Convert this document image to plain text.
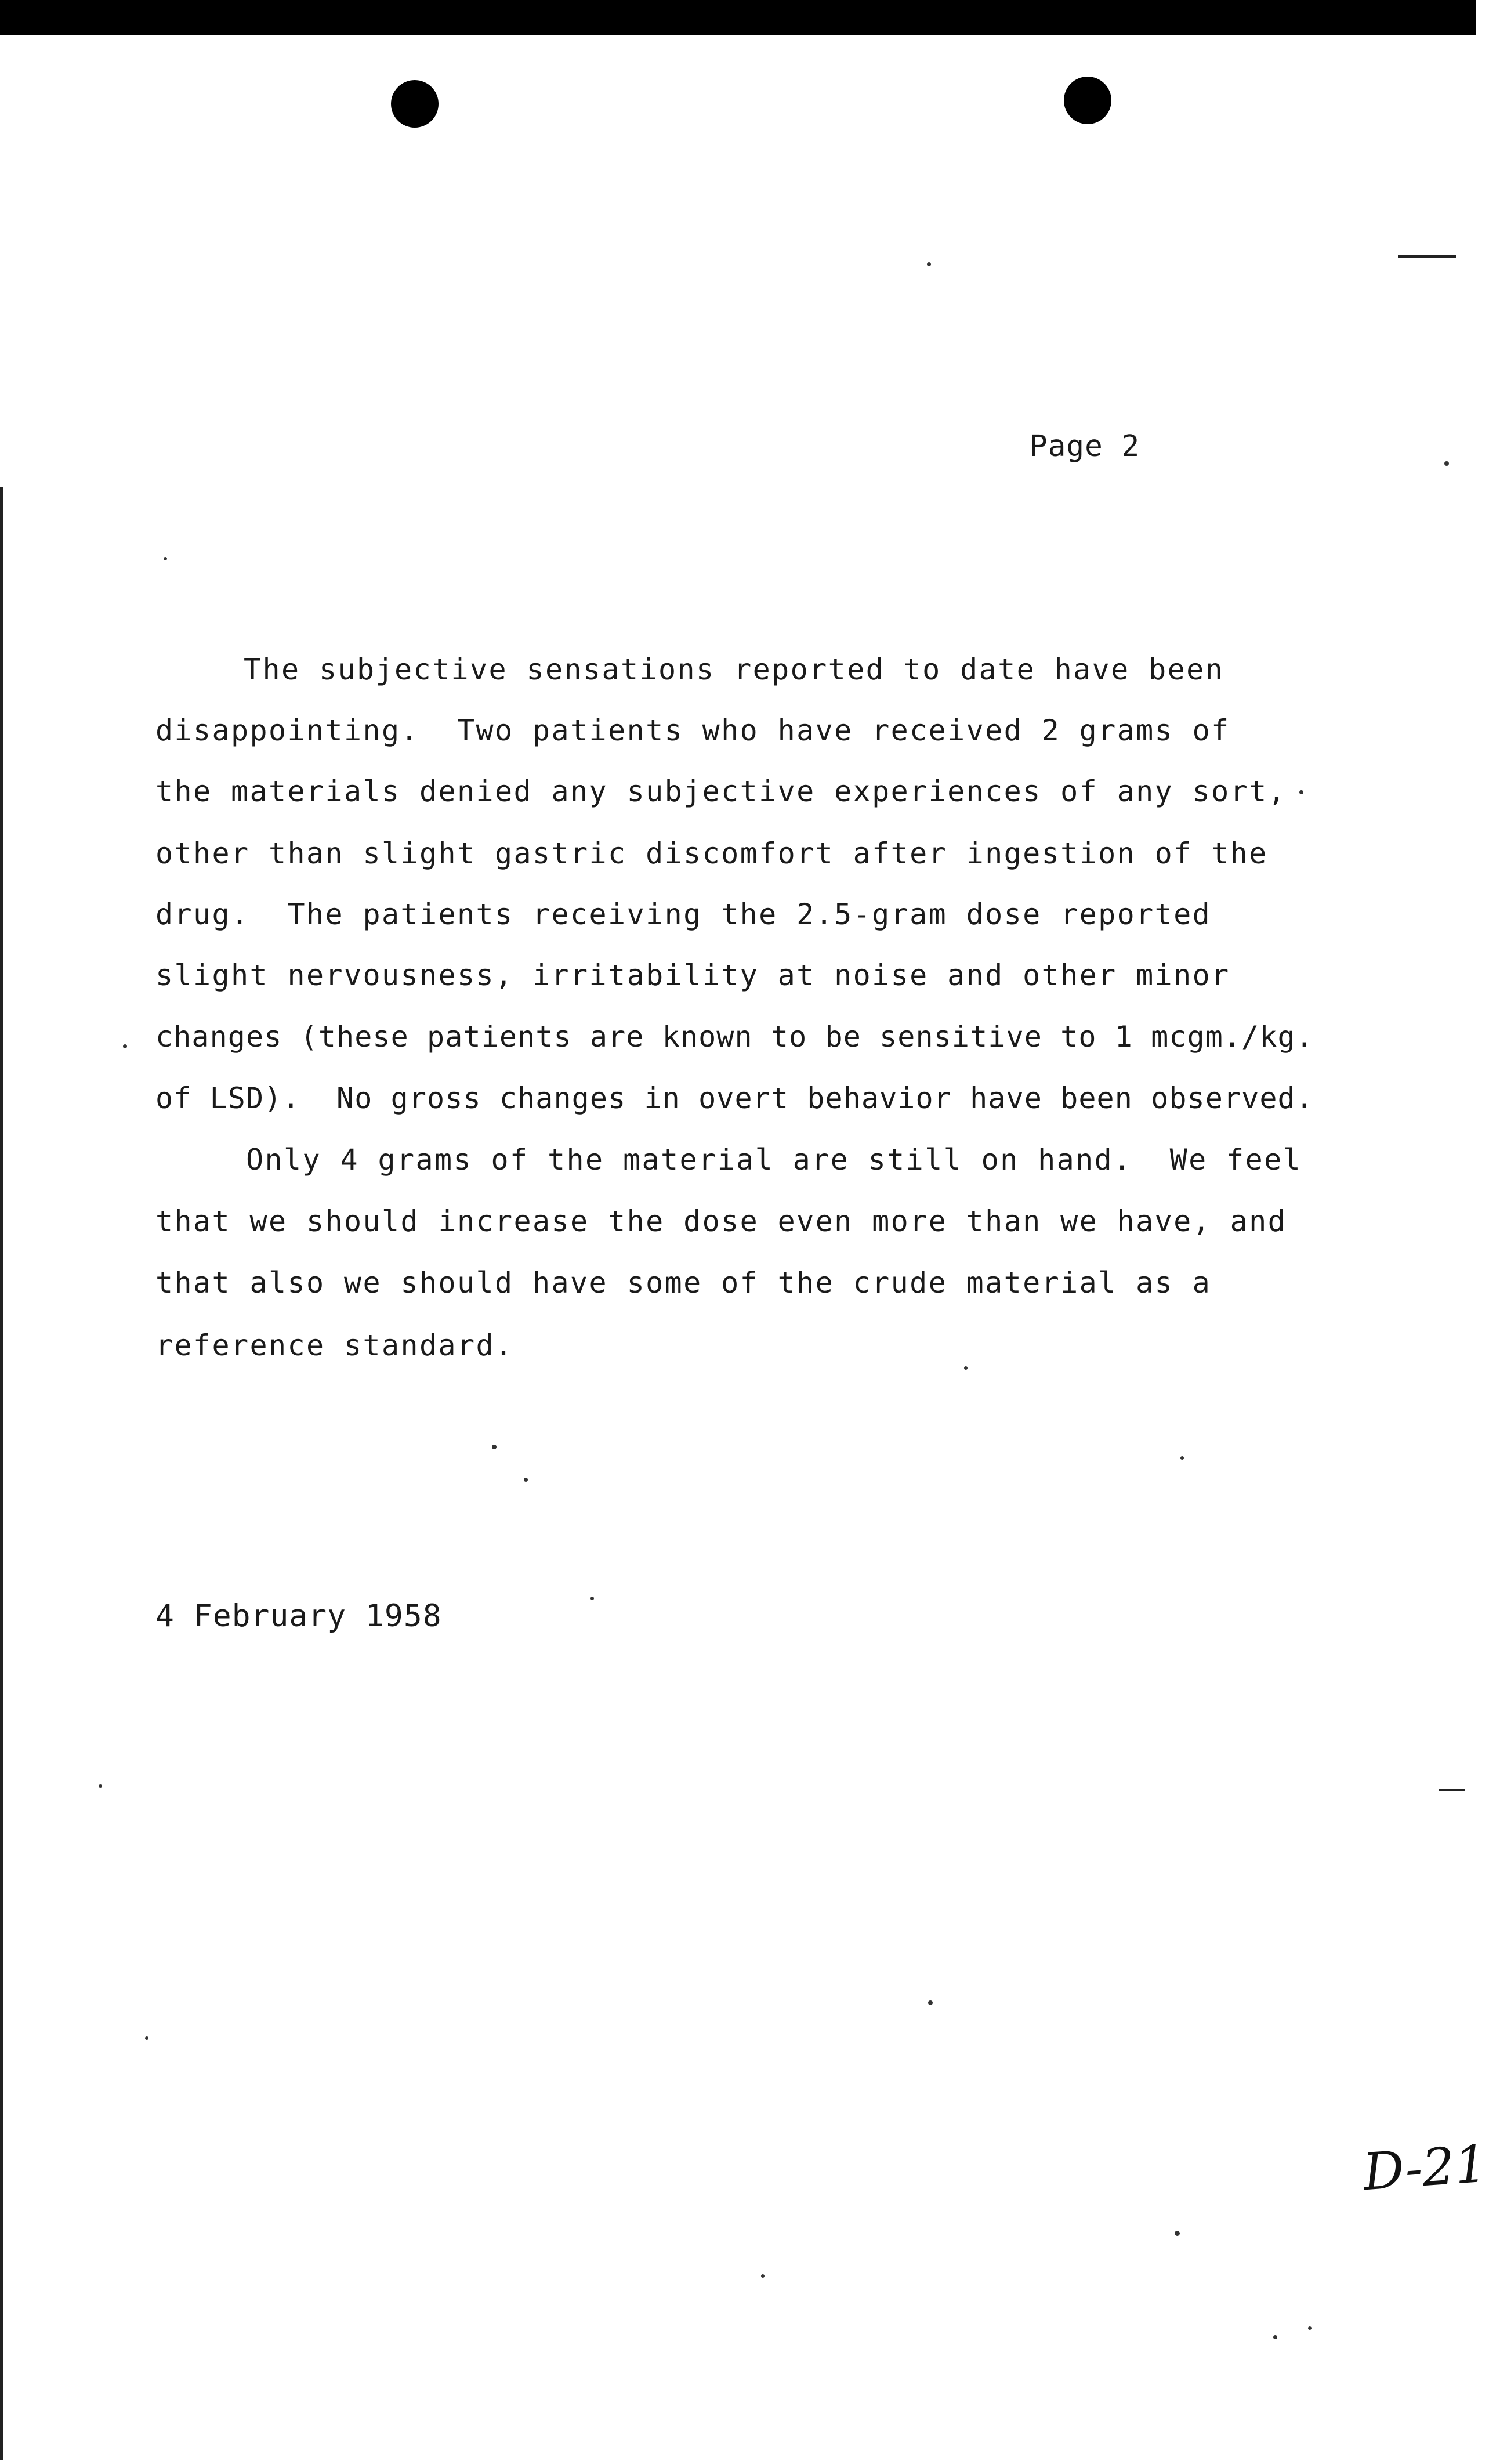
Page 2
The subjective sensations reported to date have been
disappointing.  Two patients who have received 2 grams of
the materials denied any subjective experiences of any sort,
other than slight gastric discomfort after ingestion of the
drug.  The patients receiving the 2.5-gram dose reported
slight nervousness, irritability at noise and other minor
changes (these patients are known to be sensitive to 1 mcgm./kg.
of LSD).  No gross changes in overt behavior have been observed.
Only 4 grams of the material are still on hand.  We feel
that we should increase the dose even more than we have, and
that also we should have some of the crude material as a
reference standard.
4 February 1958
D-21
